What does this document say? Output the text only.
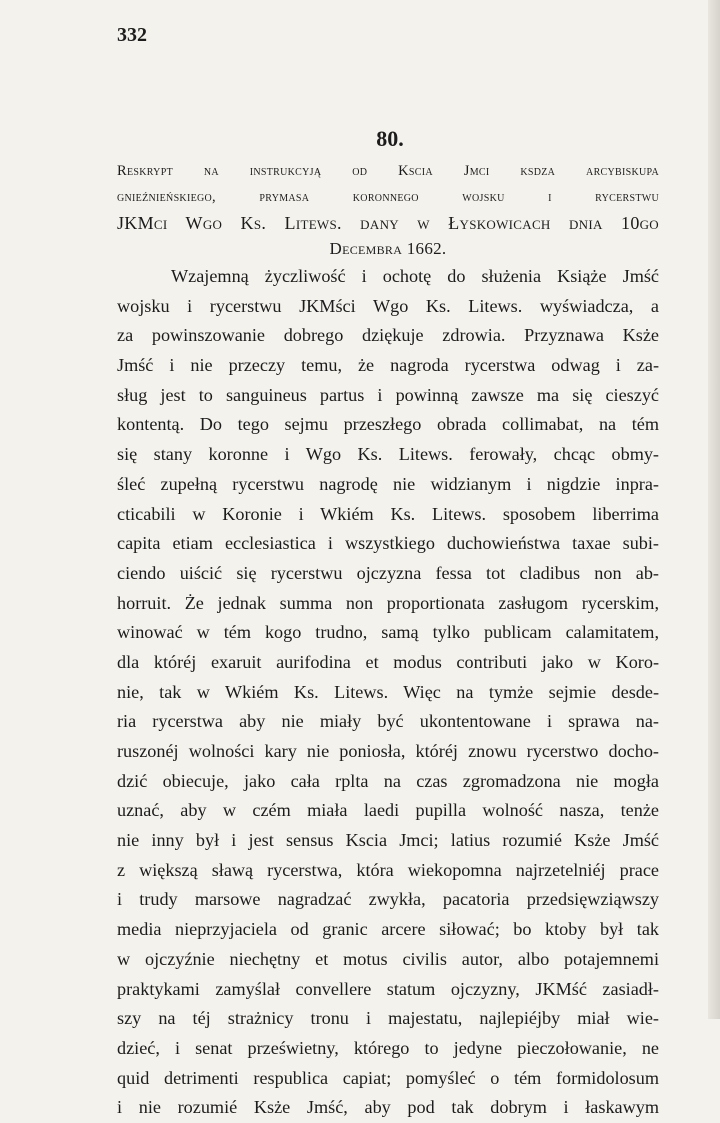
332
80.
Reskrypt na instrukcyją od Kscia Jmci ksdza arcybiskupa
gnieźnieńskiego, prymasa koronnego wojsku i rycerstwu
JKMci Wgo Ks. Litews. dany w Łyskowicach dnia 10go
Decembra 1662.
Wzajemną życzliwość i ochotę do służenia Książe Jmść
wojsku i rycerstwu JKMści Wgo Ks. Litews. wyświadcza, a
za powinszowanie dobrego dziękuje zdrowia. Przyznawa Ksże
Jmść i nie przeczy temu, że nagroda rycerstwa odwag i za-
sług jest to sanguineus partus i powinną zawsze ma się cieszyć
kontentą. Do tego sejmu przeszłego obrada collimabat, na tém
się stany koronne i Wgo Ks. Litews. ferowały, chcąc obmy-
śleć zupełną rycerstwu nagrodę nie widzianym i nigdzie inpra-
cticabili w Koronie i Wkiém Ks. Litews. sposobem liberrima
capita etiam ecclesiastica i wszystkiego duchowieństwa taxae subi-
ciendo uiścić się rycerstwu ojczyzna fessa tot cladibus non ab-
horruit. Że jednak summa non proportionata zasługom rycerskim,
winować w tém kogo trudno, samą tylko publicam calamitatem,
dla któréj exaruit aurifodina et modus contributi jako w Koro-
nie, tak w Wkiém Ks. Litews. Więc na tymże sejmie desde-
ria rycerstwa aby nie miały być ukontentowane i sprawa na-
ruszonéj wolności kary nie poniosła, któréj znowu rycerstwo docho-
dzić obiecuje, jako cała rplta na czas zgromadzona nie mogła
uznać, aby w czém miała laedi pupilla wolność nasza, tenże
nie inny był i jest sensus Kscia Jmci; latius rozumié Ksże Jmść
z większą sławą rycerstwa, która wiekopomna najrzetelniéj prace
i trudy marsowe nagradzać zwykła, pacatoria przedsięwziąwszy
media nieprzyjaciela od granic arcere siłować; bo ktoby był tak
w ojczyźnie niechętny et motus civilis autor, albo potajemnemi
praktykami zamyślał convellere statum ojczyzny, JKMść zasiadł-
szy na téj strażnicy tronu i majestatu, najlepiéjby miał wie-
dzieć, i senat prześwietny, którego to jedyne pieczołowanie, ne
quid detrimenti respublica capiat; pomyśleć o tém formidolosum
i nie rozumié Ksże Jmść, aby pod tak dobrym i łaskawym
